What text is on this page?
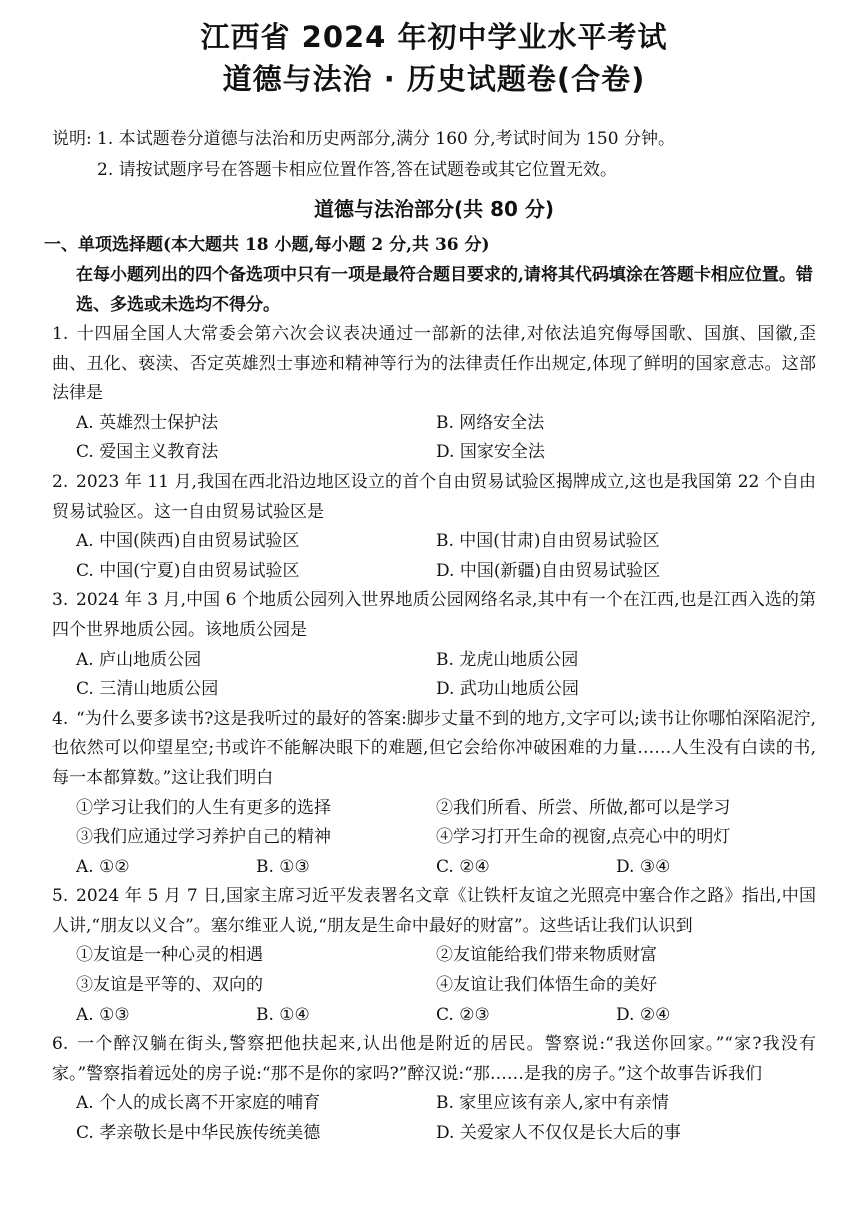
江西省 2024 年初中学业水平考试
道德与法治 · 历史试题卷(合卷)
说明: 1. 本试题卷分道德与法治和历史两部分,满分 160 分,考试时间为 150 分钟。
2. 请按试题序号在答题卡相应位置作答,答在试题卷或其它位置无效。
道德与法治部分(共 80 分)
一、单项选择题(本大题共 18 小题,每小题 2 分,共 36 分)
在每小题列出的四个备选项中只有一项是最符合题目要求的,请将其代码填涂在答题卡相应位置。错选、多选或未选均不得分。
1. 十四届全国人大常委会第六次会议表决通过一部新的法律,对依法追究侮辱国歌、国旗、国徽,歪曲、丑化、亵渎、否定英雄烈士事迹和精神等行为的法律责任作出规定,体现了鲜明的国家意志。这部法律是
A. 英雄烈士保护法	B. 网络安全法
C. 爱国主义教育法	D. 国家安全法
2. 2023 年 11 月,我国在西北沿边地区设立的首个自由贸易试验区揭牌成立,这也是我国第 22 个自由贸易试验区。这一自由贸易试验区是
A. 中国(陕西)自由贸易试验区	B. 中国(甘肃)自由贸易试验区
C. 中国(宁夏)自由贸易试验区	D. 中国(新疆)自由贸易试验区
3. 2024 年 3 月,中国 6 个地质公园列入世界地质公园网络名录,其中有一个在江西,也是江西入选的第四个世界地质公园。该地质公园是
A. 庐山地质公园	B. 龙虎山地质公园
C. 三清山地质公园	D. 武功山地质公园
4. “为什么要多读书?这是我听过的最好的答案:脚步丈量不到的地方,文字可以;读书让你哪怕深陷泥泞,也依然可以仰望星空;书或许不能解决眼下的难题,但它会给你冲破困难的力量……人生没有白读的书,每一本都算数。”这让我们明白
①学习让我们的人生有更多的选择	②我们所看、所尝、所做,都可以是学习
③我们应通过学习养护自己的精神	④学习打开生命的视窗,点亮心中的明灯
A. ①②	B. ①③	C. ②④	D. ③④
5. 2024 年 5 月 7 日,国家主席习近平发表署名文章《让铁杆友谊之光照亮中塞合作之路》指出,中国人讲,“朋友以义合”。塞尔维亚人说,“朋友是生命中最好的财富”。这些话让我们认识到
①友谊是一种心灵的相遇	②友谊能给我们带来物质财富
③友谊是平等的、双向的	④友谊让我们体悟生命的美好
A. ①③	B. ①④	C. ②③	D. ②④
6. 一个醉汉躺在街头,警察把他扶起来,认出他是附近的居民。警察说:“我送你回家。”“家?我没有家。”警察指着远处的房子说:“那不是你的家吗?”醉汉说:“那……是我的房子。”这个故事告诉我们
A. 个人的成长离不开家庭的哺育	B. 家里应该有亲人,家中有亲情
C. 孝亲敬长是中华民族传统美德	D. 关爱家人不仅仅是长大后的事
